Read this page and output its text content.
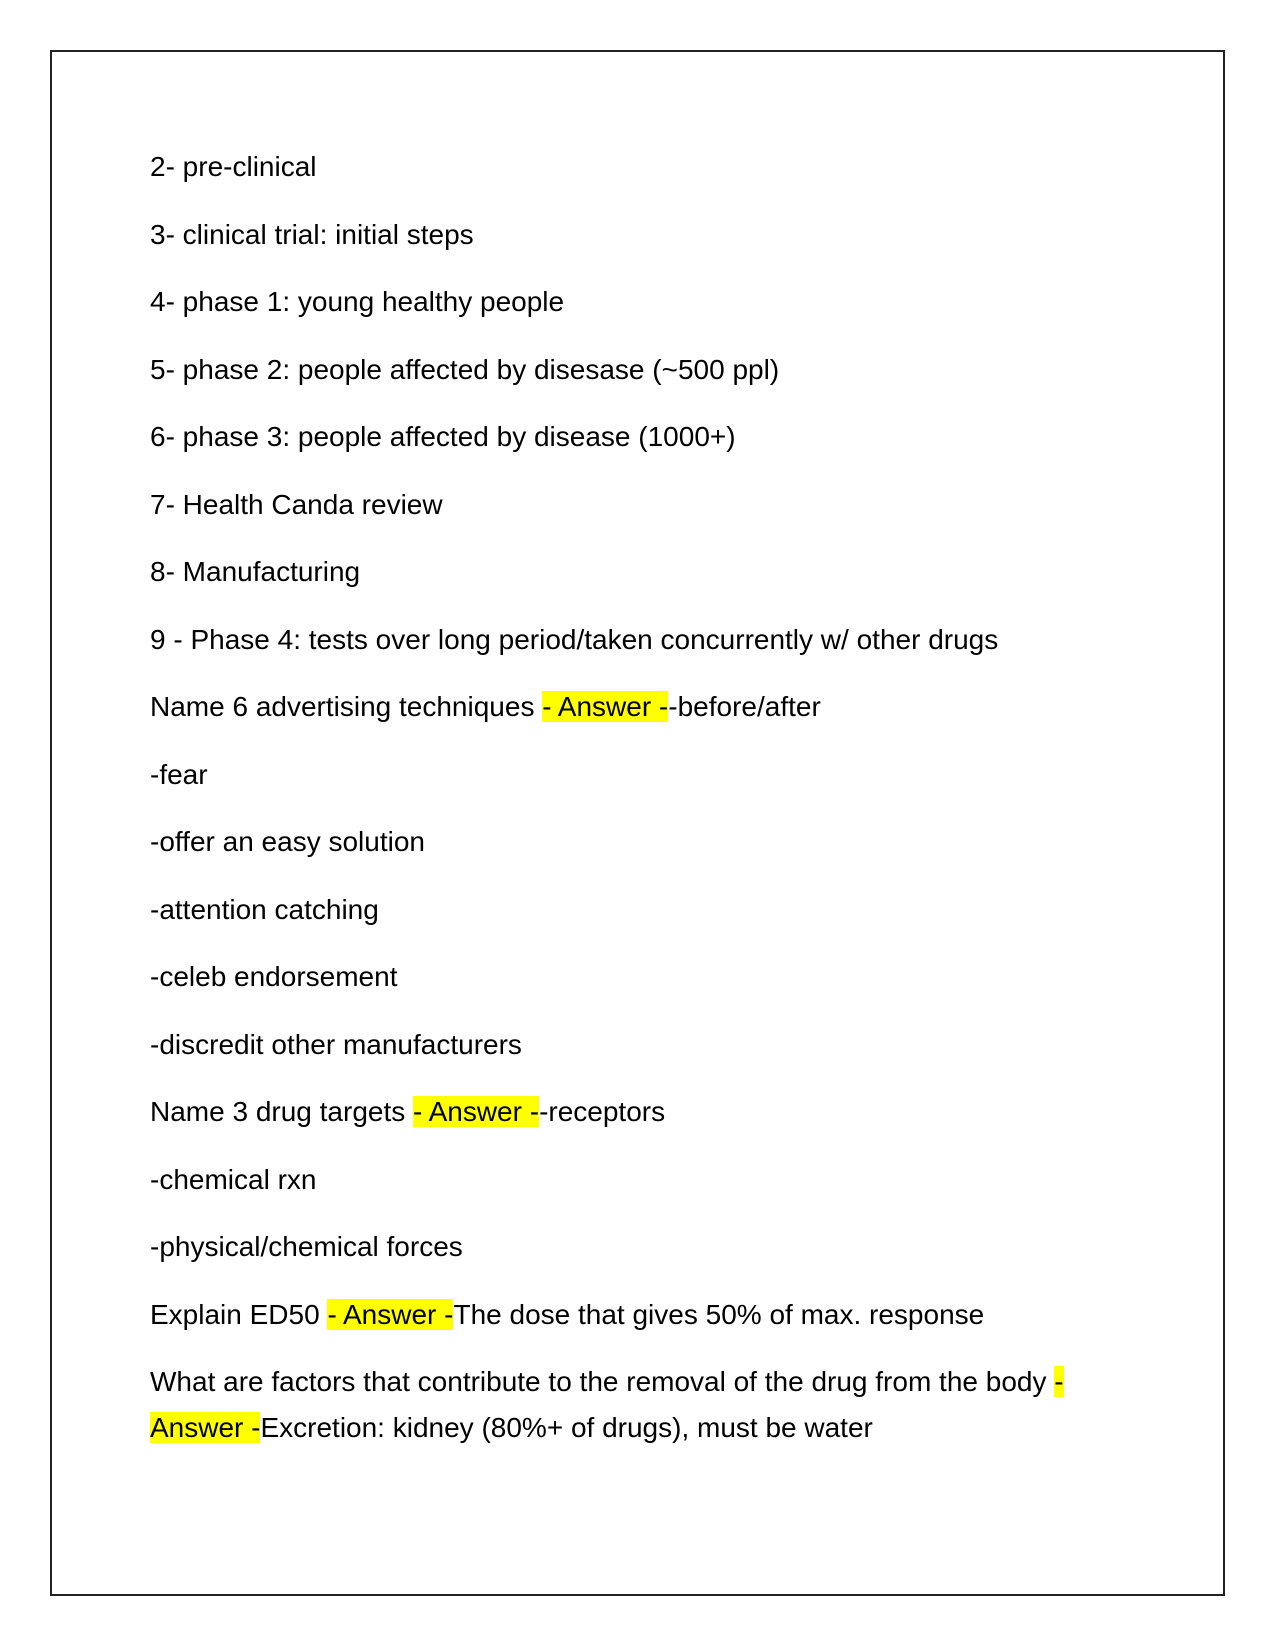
2- pre-clinical

3- clinical trial: initial steps

4- phase 1: young healthy people

5- phase 2: people affected by disesase (~500 ppl)

6- phase 3: people affected by disease (1000+)

7- Health Canda review

8- Manufacturing

9 - Phase 4: tests over long period/taken concurrently w/ other drugs

Name 6 advertising techniques - Answer --before/after

-fear

-offer an easy solution

-attention catching

-celeb endorsement

-discredit other manufacturers

Name 3 drug targets - Answer --receptors

-chemical rxn

-physical/chemical forces

Explain ED50 - Answer -The dose that gives 50% of max. response

What are factors that contribute to the removal of the drug from the body - Answer -Excretion: kidney (80%+ of drugs), must be water
